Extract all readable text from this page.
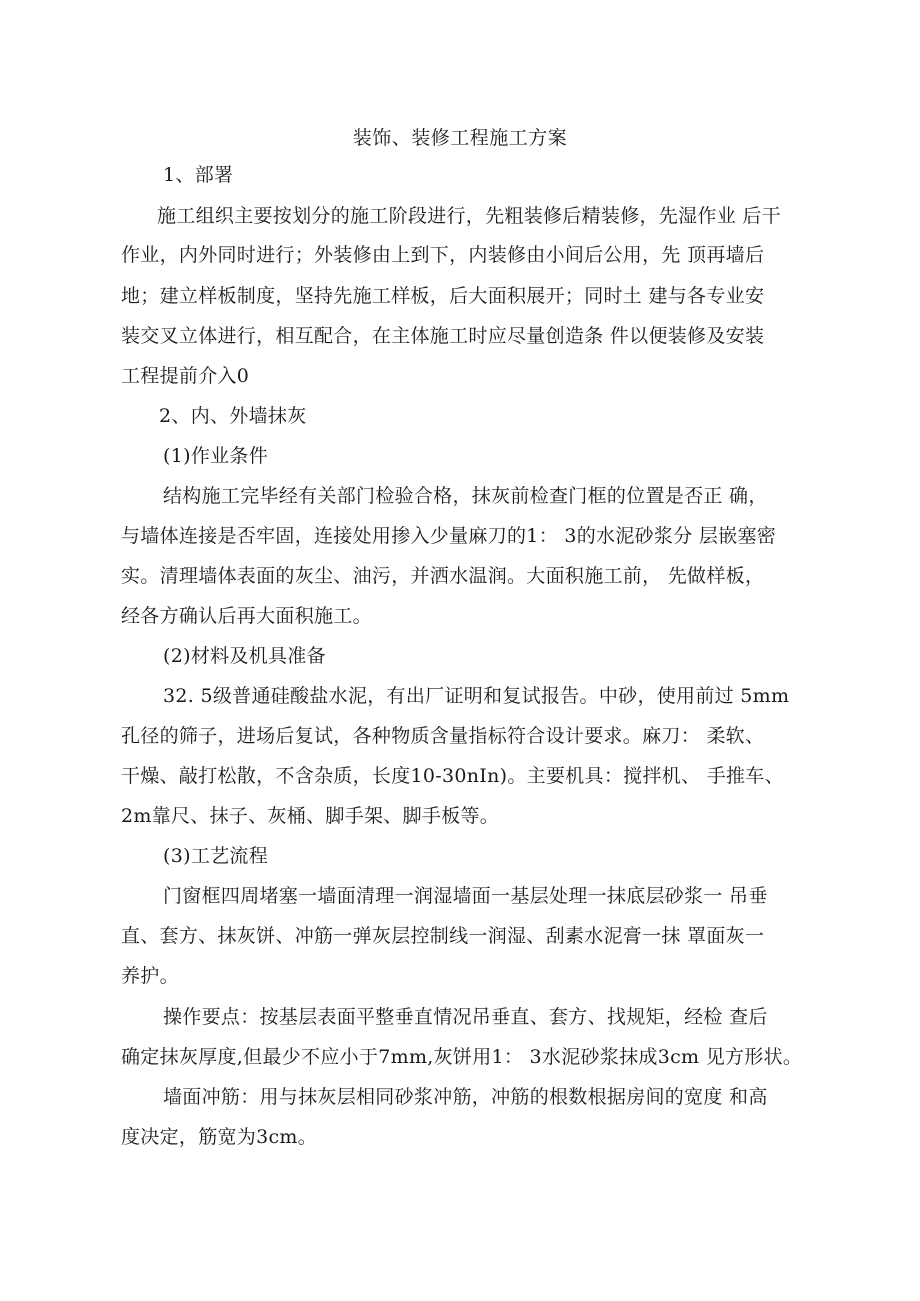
装饰、装修工程施工方案
1、部署
施工组织主要按划分的施工阶段进行，先粗装修后精装修，先湿作业 后干
作业，内外同时进行；外装修由上到下，内装修由小间后公用，先 顶再墙后
地；建立样板制度，坚持先施工样板，后大面积展开；同时土 建与各专业安
装交叉立体进行，相互配合，在主体施工时应尽量创造条 件以便装修及安装
工程提前介入0
2、内、外墙抹灰
(1)作业条件
结构施工完毕经有关部门检验合格，抹灰前检查门框的位置是否正 确，
与墙体连接是否牢固，连接处用掺入少量麻刀的1： 3的水泥砂浆分 层嵌塞密
实。清理墙体表面的灰尘、油污，并洒水温润。大面积施工前， 先做样板，
经各方确认后再大面积施工。
(2)材料及机具准备
32. 5级普通硅酸盐水泥，有出厂证明和复试报告。中砂，使用前过 5mm
孔径的筛子，进场后复试，各种物质含量指标符合设计要求。麻刀： 柔软、
干燥、敲打松散，不含杂质，长度10-30nIn)。主要机具：搅拌机、 手推车、
2m靠尺、抹子、灰桶、脚手架、脚手板等。
(3)工艺流程
门窗框四周堵塞一墙面清理一润湿墙面一基层处理一抹底层砂浆一 吊垂
直、套方、抹灰饼、冲筋一弹灰层控制线一润湿、刮素水泥膏一抹 罩面灰一
养护。
操作要点：按基层表面平整垂直情况吊垂直、套方、找规矩，经检 查后
确定抹灰厚度,但最少不应小于7mm,灰饼用1： 3水泥砂浆抹成3cm 见方形状。
墙面冲筋：用与抹灰层相同砂浆冲筋，冲筋的根数根据房间的宽度 和高
度决定，筋宽为3cm。
